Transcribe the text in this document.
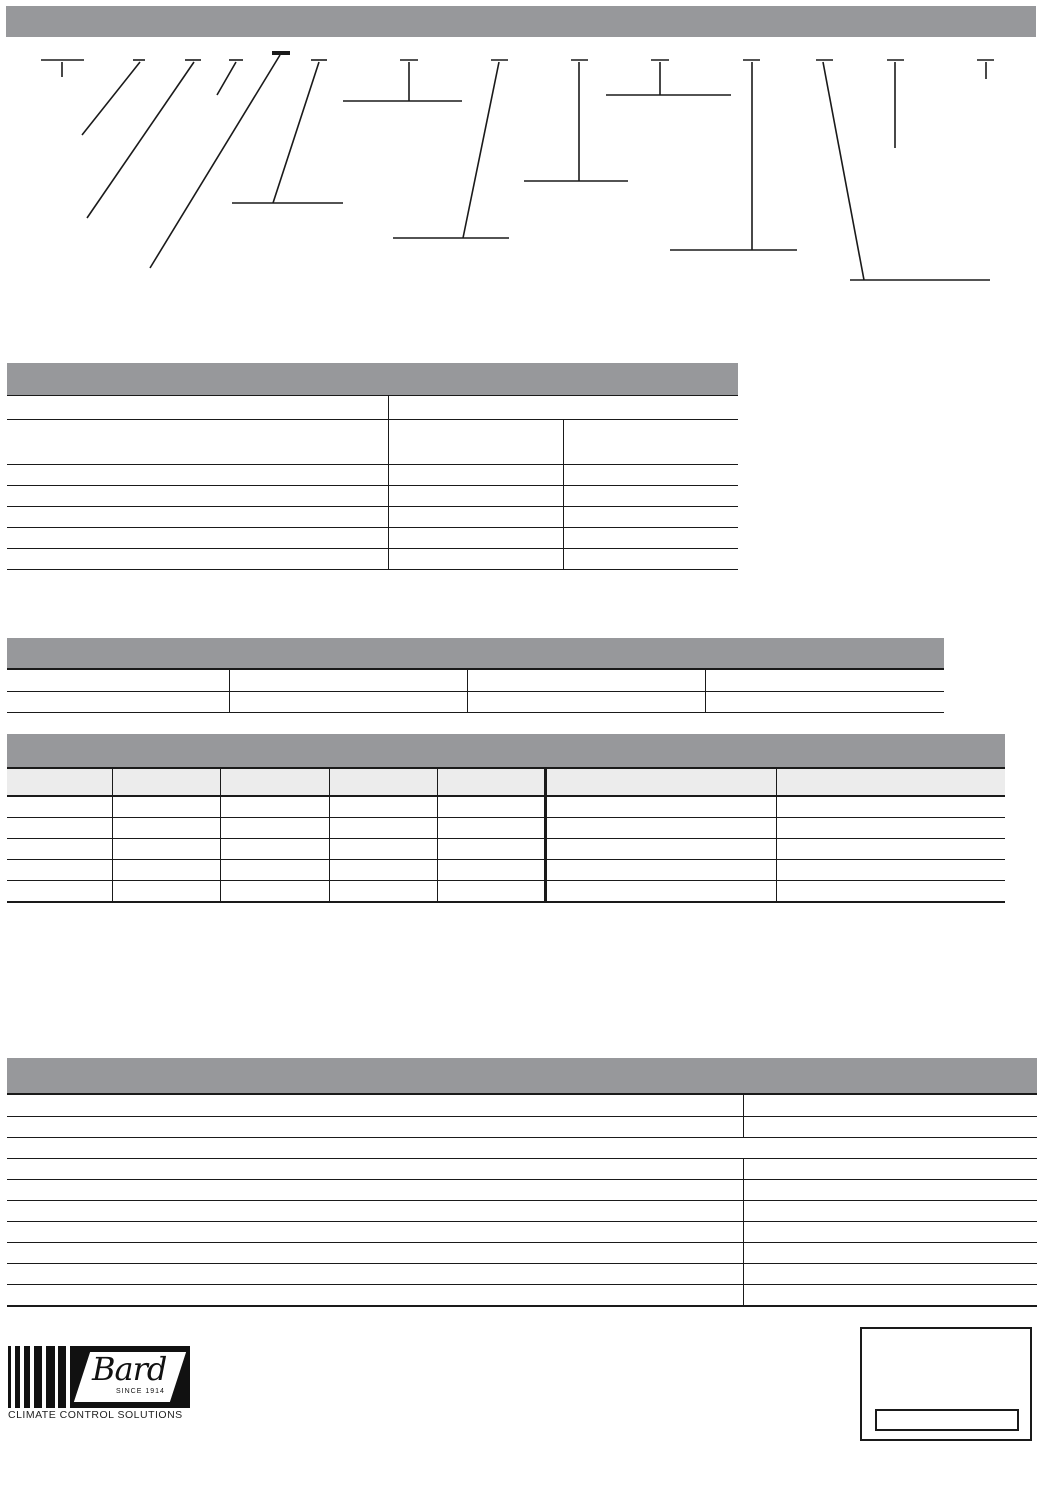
Bard
SINCE 1914
CLIMATE CONTROL SOLUTIONS
